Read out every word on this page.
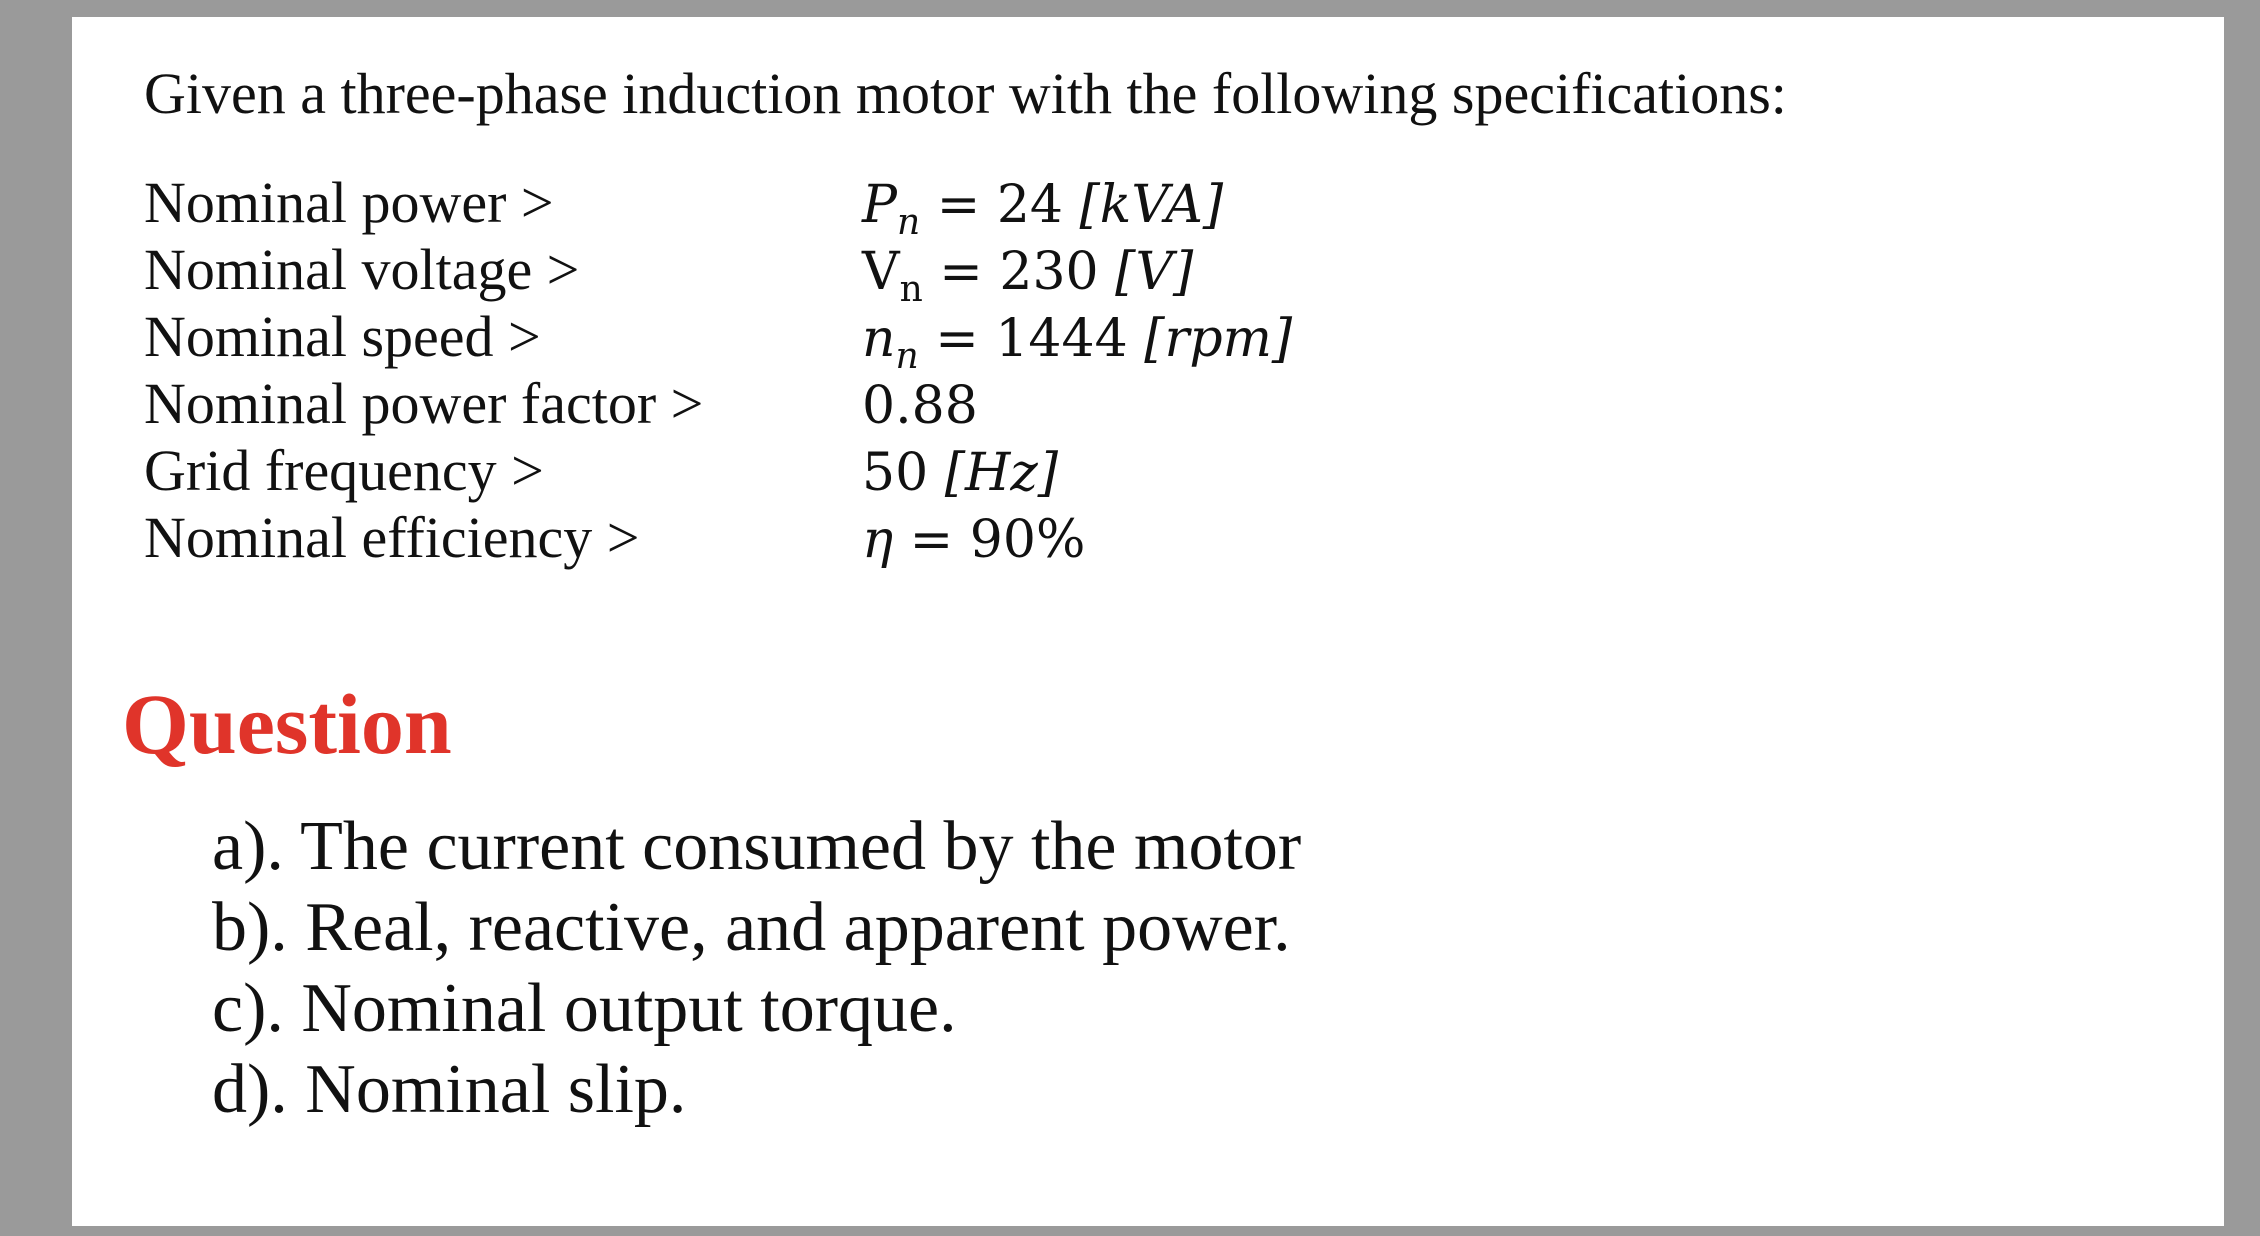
Given a three-phase induction motor with the following specifications:
Nominal power >	$P_n = 24$ [kVA]
Nominal voltage >	$V_n = 230$ [V]
Nominal speed >	$n_n = 1444$ [rpm]
Nominal power factor >	0.88
Grid frequency >	50 [Hz]
Nominal efficiency >	η = 90%
Question
a). The current consumed by the motor
b). Real, reactive, and apparent power.
c). Nominal output torque.
d). Nominal slip.
